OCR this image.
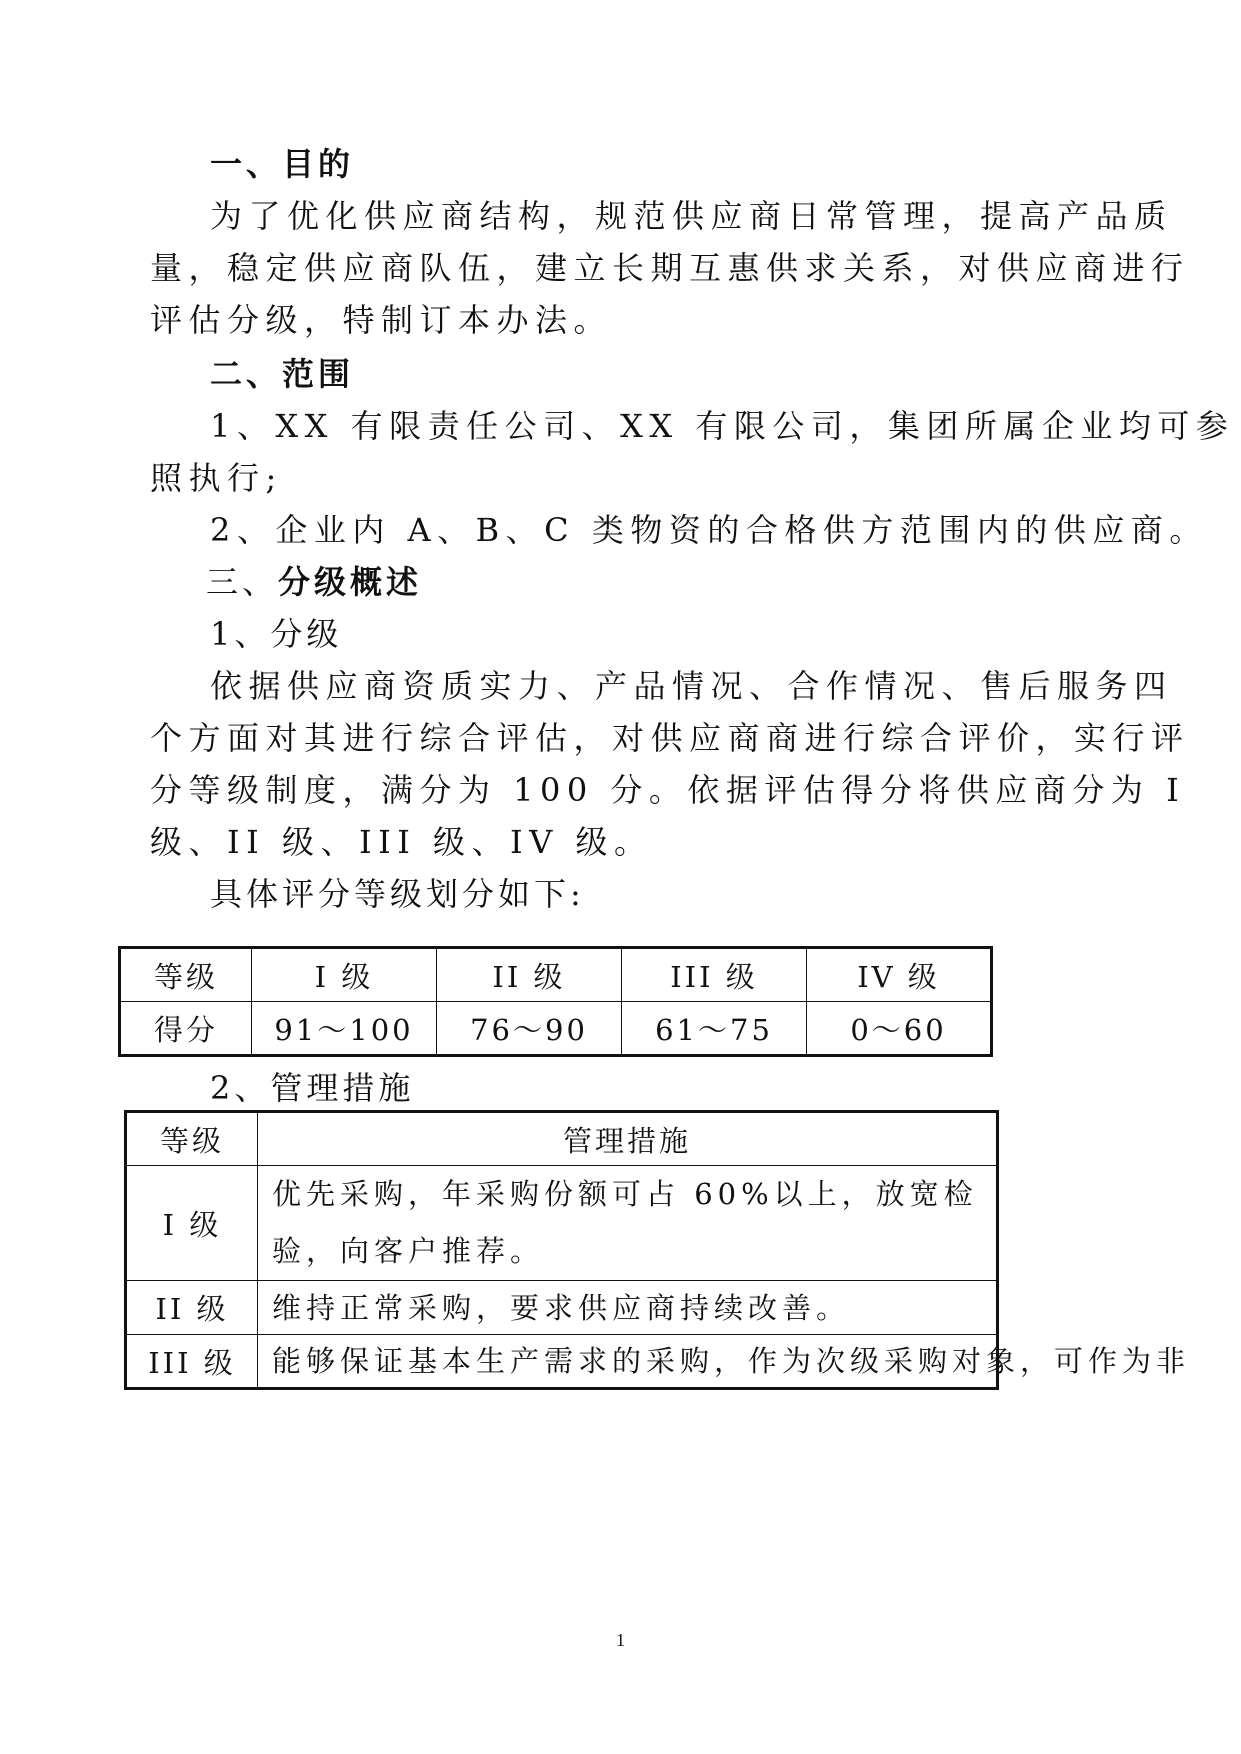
一、目的
为了优化供应商结构，规范供应商日常管理，提高产品质
量，稳定供应商队伍，建立长期互惠供求关系，对供应商进行
评估分级，特制订本办法。
二、范围
1、XX 有限责任公司、XX 有限公司，集团所属企业均可参
照执行;
2、企业内 A、B、C 类物资的合格供方范围内的供应商。
三、分级概述
1、分级
依据供应商资质实力、产品情况、合作情况、售后服务四
个方面对其进行综合评估，对供应商商进行综合评价，实行评
分等级制度，满分为 100 分。依据评估得分将供应商分为 I
级、II 级、III 级、IV 级。
具体评分等级划分如下:
等级	I 级	II 级	III 级	IV 级
得分	91～100	76～90	61～75	0～60
2、管理措施
等级	管理措施
I 级	优先采购，年采购份额可占 60%以上，放宽检验，向客户推荐。
II 级	维持正常采购，要求供应商持续改善。
III 级	能够保证基本生产需求的采购，作为次级采购对象，可作为非
1
